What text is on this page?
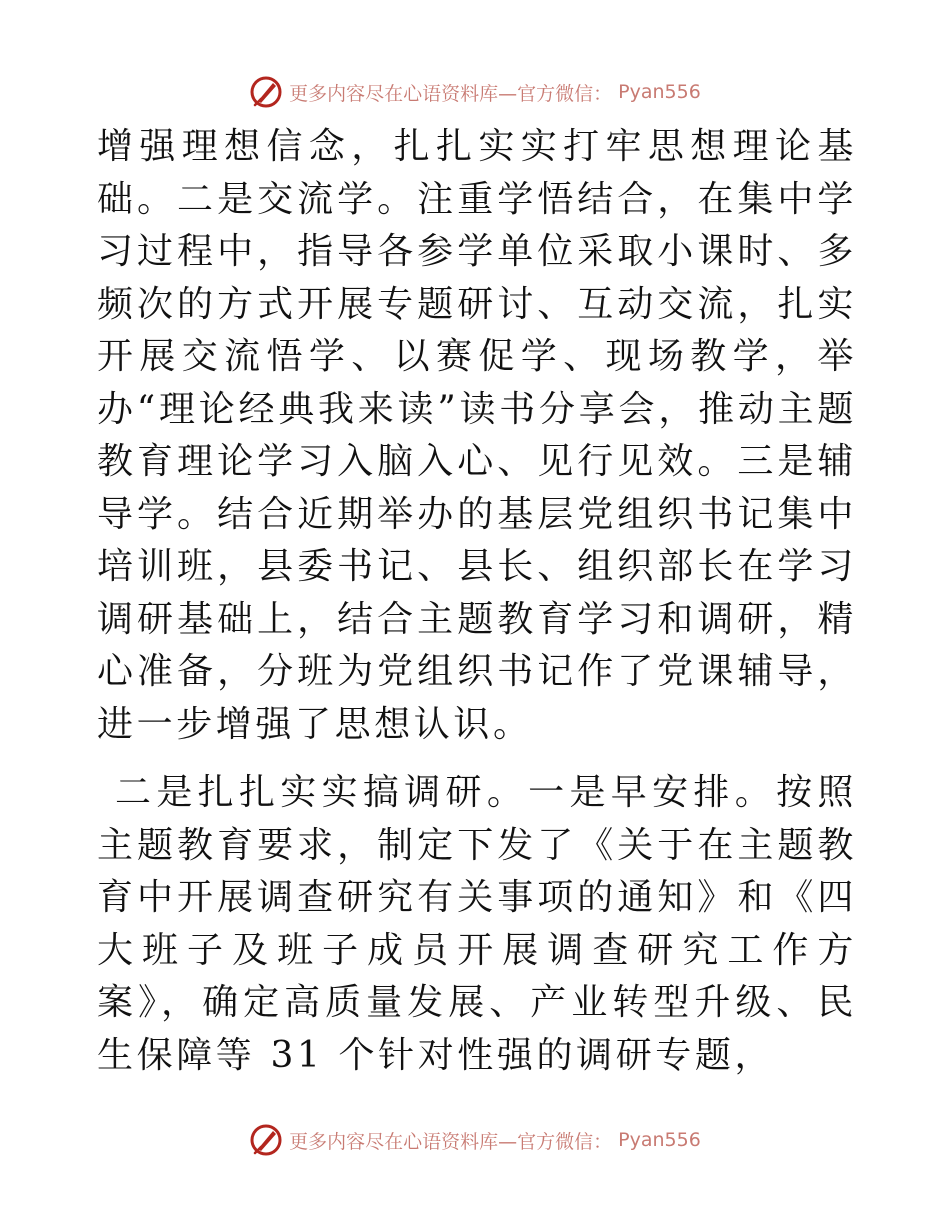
更多内容尽在心语资料库—官方微信： Pyan556

增强理想信念，扎扎实实打牢思想理论基础。二是交流学。注重学悟结合，在集中学习过程中，指导各参学单位采取小课时、多频次的方式开展专题研讨、互动交流，扎实开展交流悟学、以赛促学、现场教学，举办“理论经典我来读”读书分享会，推动主题教育理论学习入脑入心、见行见效。三是辅导学。结合近期举办的基层党组织书记集中培训班，县委书记、县长、组织部长在学习调研基础上，结合主题教育学习和调研，精心准备，分班为党组织书记作了党课辅导，进一步增强了思想认识。

二是扎扎实实搞调研。一是早安排。按照主题教育要求，制定下发了《关于在主题教育中开展调查研究有关事项的通知》和《四大班子及班子成员开展调查研究工作方案》，确定高质量发展、产业转型升级、民生保障等 31 个针对性强的调研专题，

更多内容尽在心语资料库—官方微信： Pyan556
